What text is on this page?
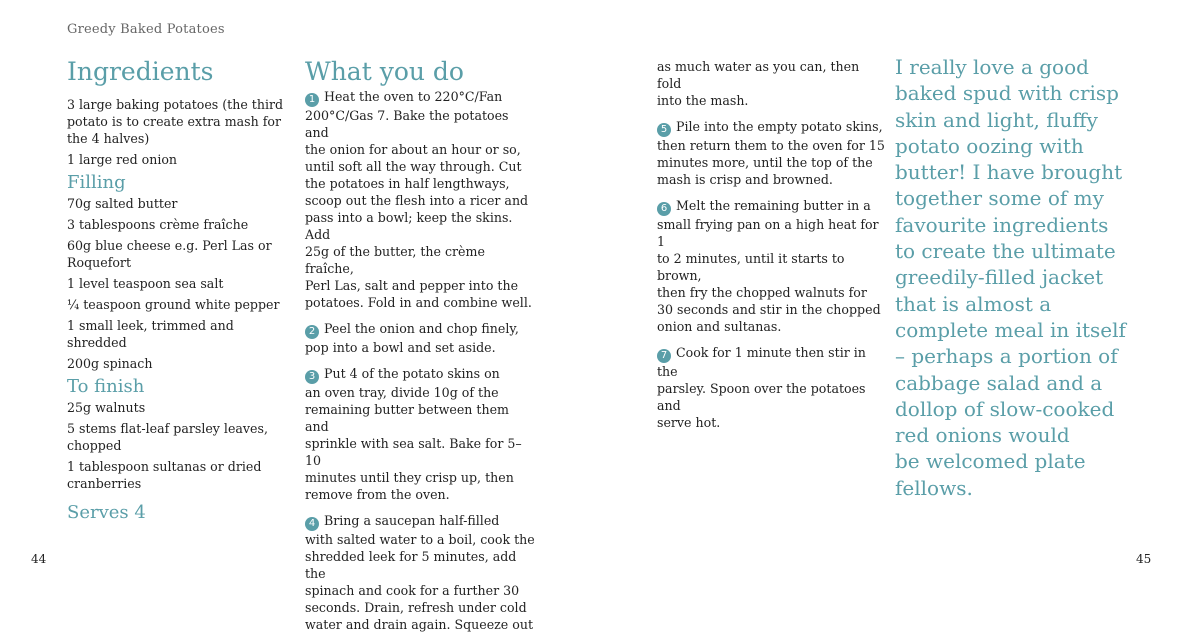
Greedy Baked Potatoes
Ingredients
3 large baking potatoes (the third
potato is to create extra mash for
the 4 halves)
1 large red onion
Filling
70g salted butter
3 tablespoons crème fraîche
60g blue cheese e.g. Perl Las or
Roquefort
1 level teaspoon sea salt
¼ teaspoon ground white pepper
1 small leek, trimmed and shredded
200g spinach
To finish
25g walnuts
5 stems flat-leaf parsley leaves,
chopped
1 tablespoon sultanas or dried
cranberries
Serves 4
What you do
1 Heat the oven to 220°C/Fan
200°C/Gas 7. Bake the potatoes and
the onion for about an hour or so,
until soft all the way through. Cut
the potatoes in half lengthways,
scoop out the flesh into a ricer and
pass into a bowl; keep the skins. Add
25g of the butter, the crème fraîche,
Perl Las, salt and pepper into the
potatoes. Fold in and combine well.
2 Peel the onion and chop finely,
pop into a bowl and set aside.
3 Put 4 of the potato skins on
an oven tray, divide 10g of the
remaining butter between them and
sprinkle with sea salt. Bake for 5–10
minutes until they crisp up, then
remove from the oven.
4 Bring a saucepan half-filled
with salted water to a boil, cook the
shredded leek for 5 minutes, add the
spinach and cook for a further 30
seconds. Drain, refresh under cold
water and drain again. Squeeze out
as much water as you can, then fold
into the mash.
5 Pile into the empty potato skins,
then return them to the oven for 15
minutes more, until the top of the
mash is crisp and browned.
6 Melt the remaining butter in a
small frying pan on a high heat for 1
to 2 minutes, until it starts to brown,
then fry the chopped walnuts for
30 seconds and stir in the chopped
onion and sultanas.
7 Cook for 1 minute then stir in the
parsley. Spoon over the potatoes and
serve hot.
I really love a good
baked spud with crisp
skin and light, fluffy
potato oozing with
butter! I have brought
together some of my
favourite ingredients
to create the ultimate
greedily-filled jacket
that is almost a
complete meal in itself
– perhaps a portion of
cabbage salad and a
dollop of slow-cooked
red onions would
be welcomed plate
fellows.
44	45
